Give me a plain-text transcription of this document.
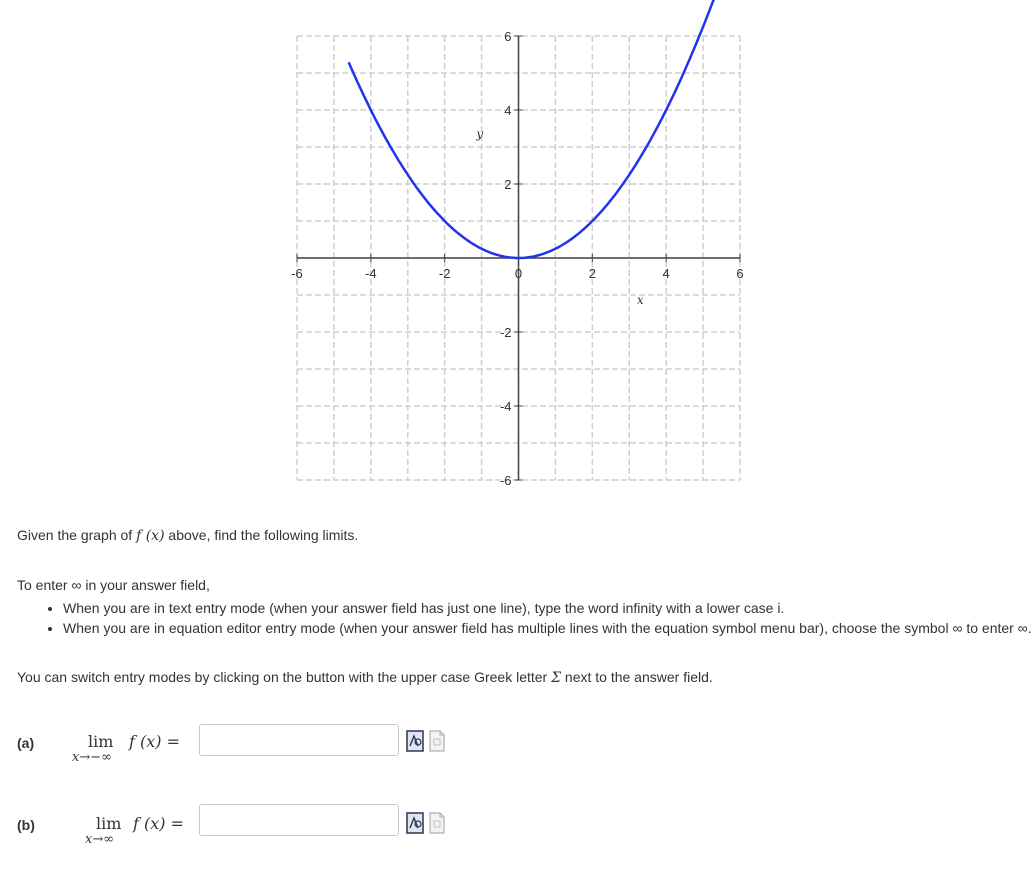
-6	-4	-2	0	2	4	6
-6
-4
-2
2
4
6
x
y
Given the graph of f (x) above, find the following limits.
To enter ∞ in your answer field,
• When you are in text entry mode (when your answer field has just one line), type the word infinity with a lower case i.
• When you are in equation editor entry mode (when your answer field has multiple lines with the equation symbol menu bar), choose the symbol ∞ to enter ∞.
You can switch entry modes by clicking on the button with the upper case Greek letter Σ next to the answer field.
(a)	lim
x→−∞
f (x) =
(b)	lim
x→∞
f (x) =
